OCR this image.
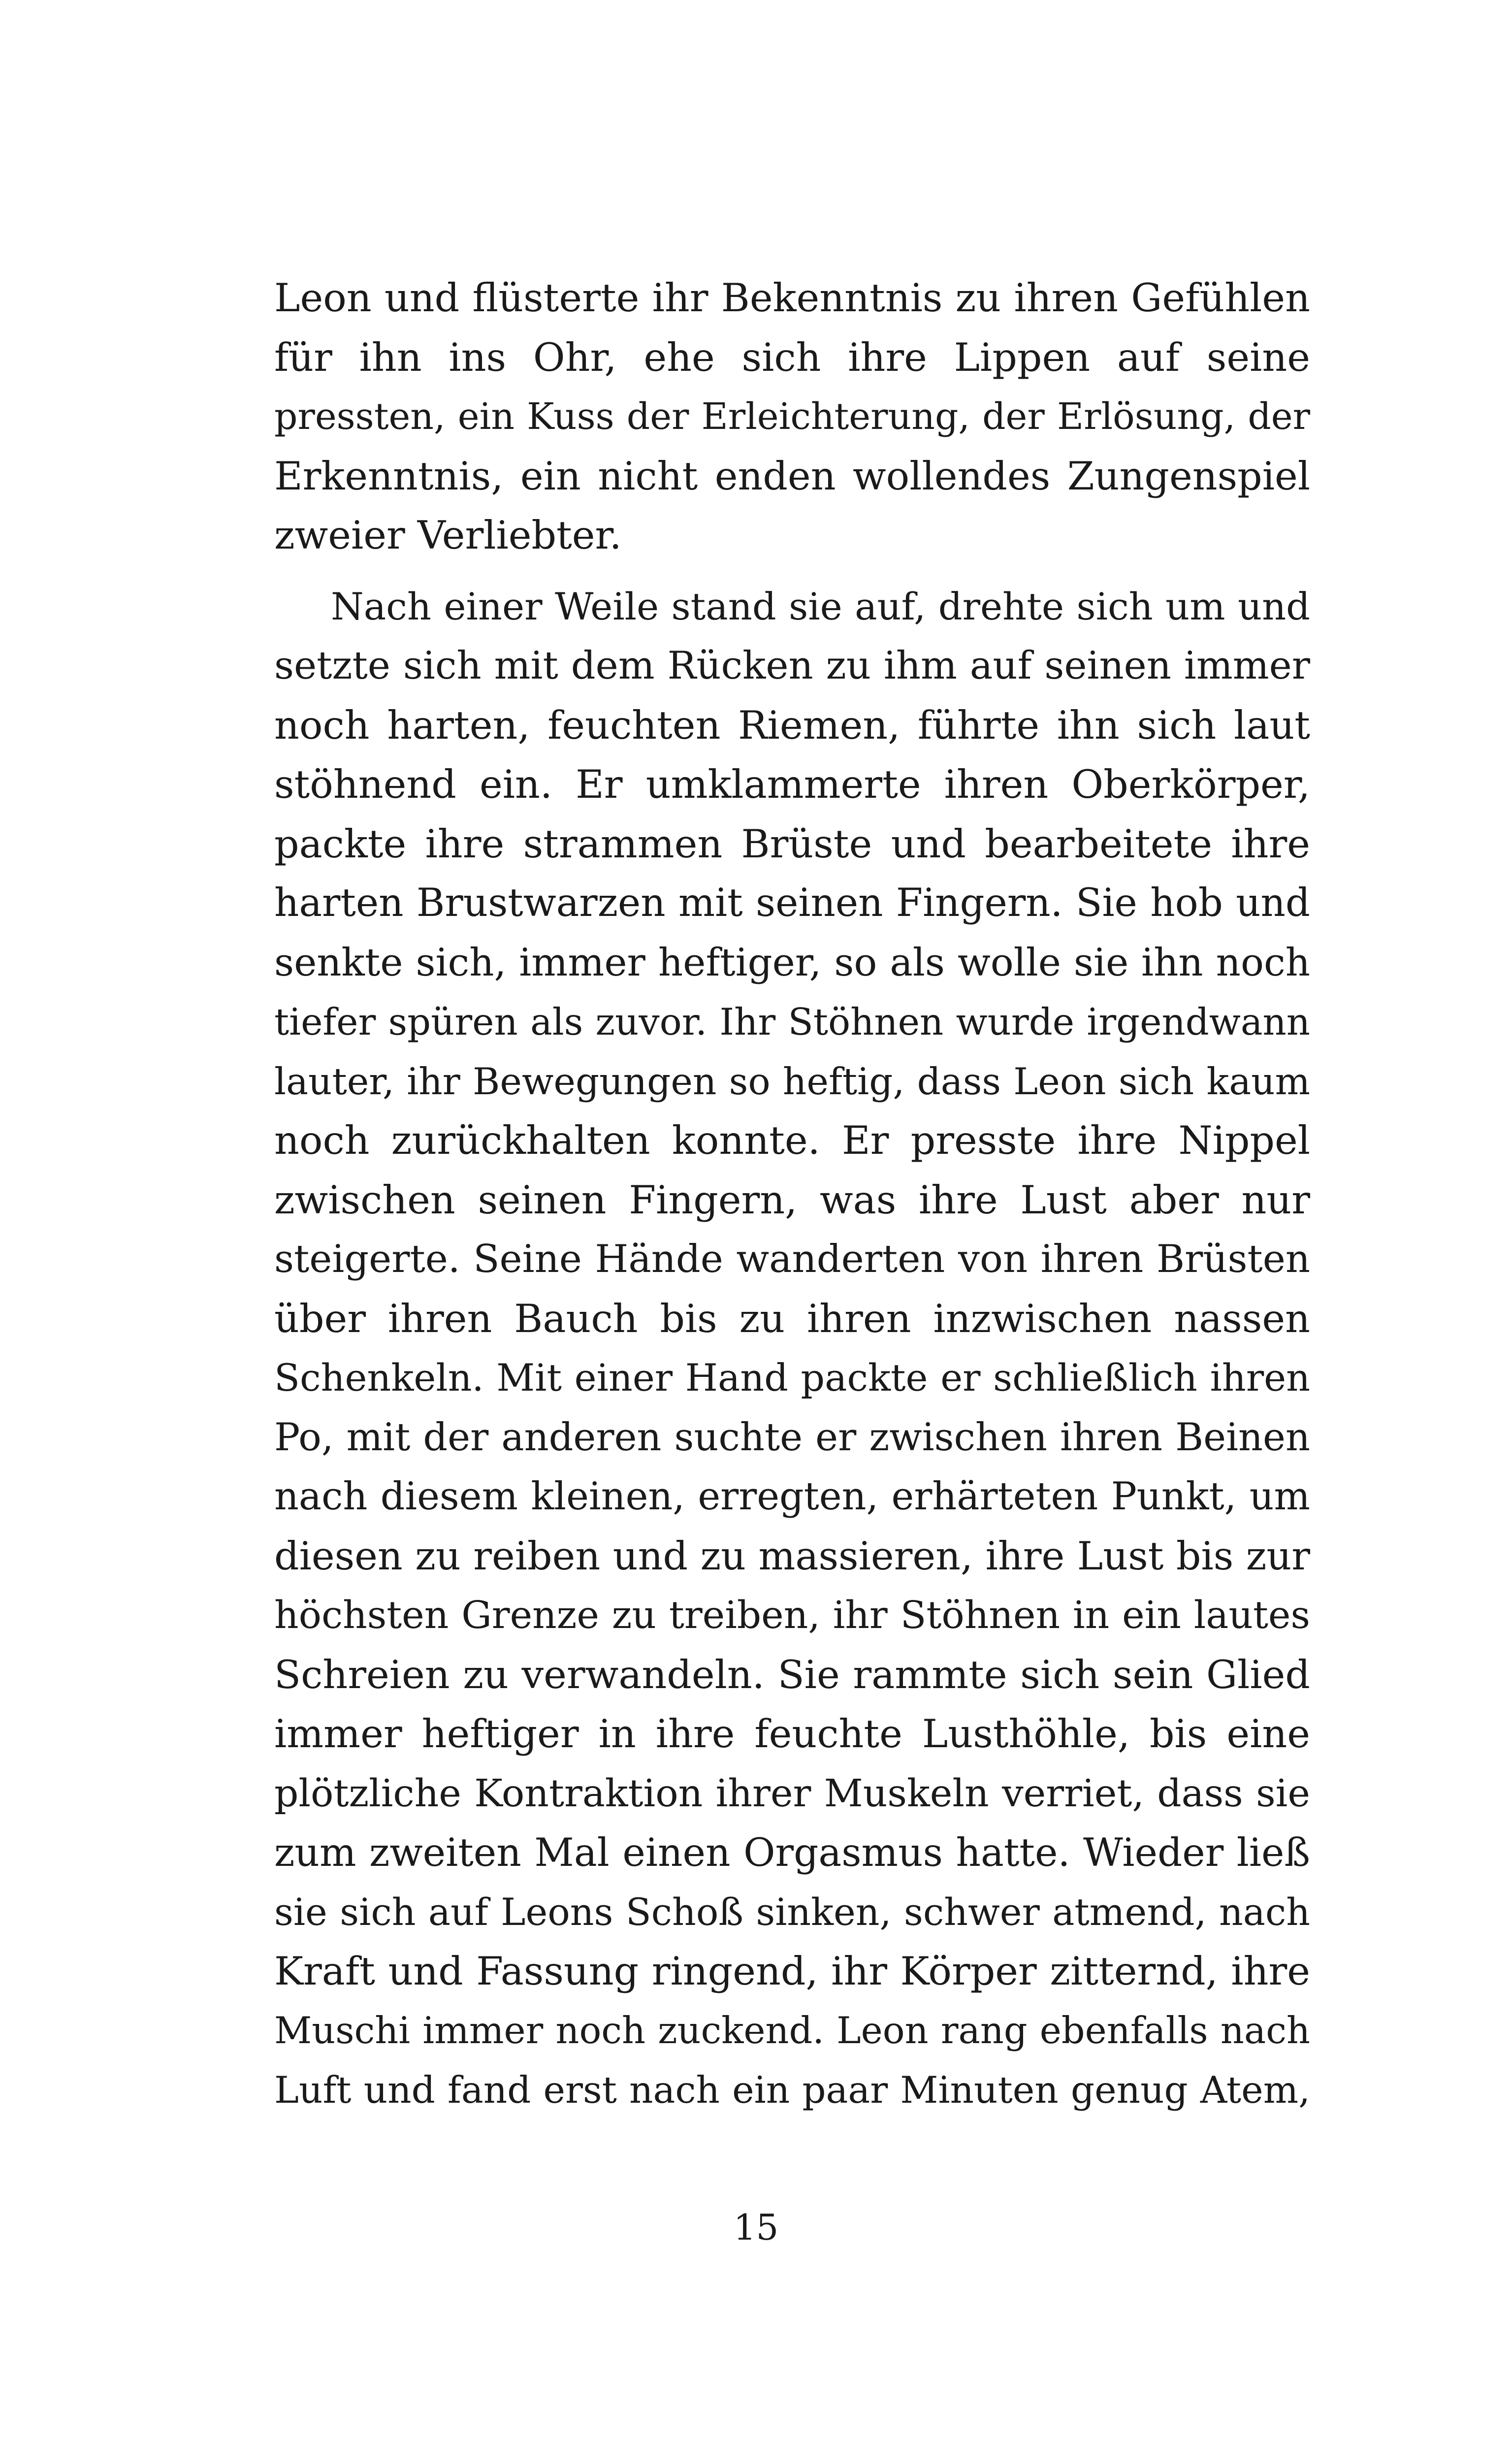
Leon und flüsterte ihr Bekenntnis zu ihren Gefühlen
für ihn ins Ohr, ehe sich ihre Lippen auf seine
pressten, ein Kuss der Erleichterung, der Erlösung, der
Erkenntnis, ein nicht enden wollendes Zungenspiel
zweier Verliebter.
Nach einer Weile stand sie auf, drehte sich um und
setzte sich mit dem Rücken zu ihm auf seinen immer
noch harten, feuchten Riemen, führte ihn sich laut
stöhnend ein. Er umklammerte ihren Oberkörper,
packte ihre strammen Brüste und bearbeitete ihre
harten Brustwarzen mit seinen Fingern. Sie hob und
senkte sich, immer heftiger, so als wolle sie ihn noch
tiefer spüren als zuvor. Ihr Stöhnen wurde irgendwann
lauter, ihr Bewegungen so heftig, dass Leon sich kaum
noch zurückhalten konnte. Er presste ihre Nippel
zwischen seinen Fingern, was ihre Lust aber nur
steigerte. Seine Hände wanderten von ihren Brüsten
über ihren Bauch bis zu ihren inzwischen nassen
Schenkeln. Mit einer Hand packte er schließlich ihren
Po, mit der anderen suchte er zwischen ihren Beinen
nach diesem kleinen, erregten, erhärteten Punkt, um
diesen zu reiben und zu massieren, ihre Lust bis zur
höchsten Grenze zu treiben, ihr Stöhnen in ein lautes
Schreien zu verwandeln. Sie rammte sich sein Glied
immer heftiger in ihre feuchte Lusthöhle, bis eine
plötzliche Kontraktion ihrer Muskeln verriet, dass sie
zum zweiten Mal einen Orgasmus hatte. Wieder ließ
sie sich auf Leons Schoß sinken, schwer atmend, nach
Kraft und Fassung ringend, ihr Körper zitternd, ihre
Muschi immer noch zuckend. Leon rang ebenfalls nach
Luft und fand erst nach ein paar Minuten genug Atem,
15
